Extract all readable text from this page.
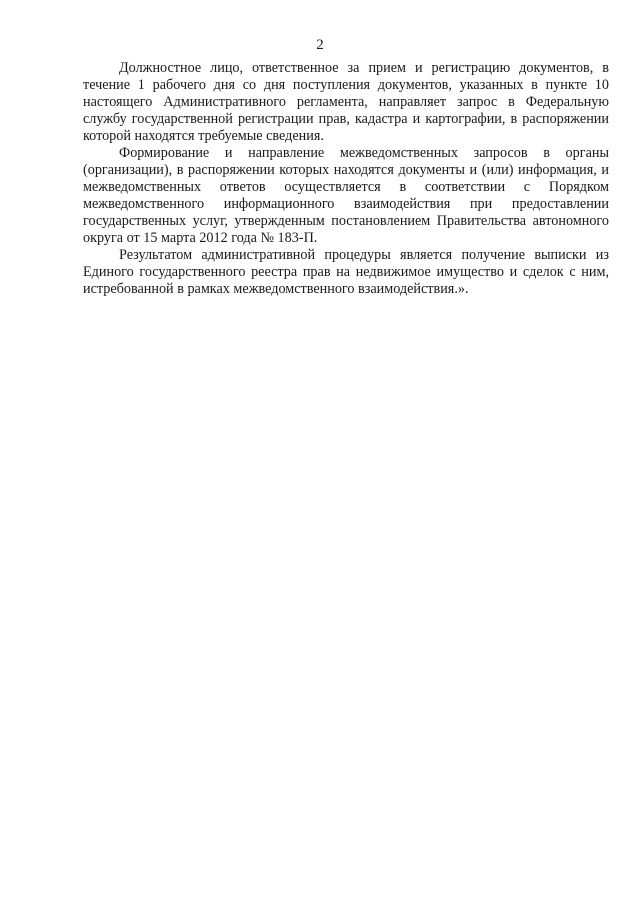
2

Должностное лицо, ответственное за прием и регистрацию документов, в течение 1 рабочего дня со дня поступления документов, указанных в пункте 10 настоящего Административного регламента, направляет запрос в Федеральную службу государственной регистрации прав, кадастра и картографии, в распоряжении которой находятся требуемые сведения.

Формирование и направление межведомственных запросов в органы (организации), в распоряжении которых находятся документы и (или) информация, и межведомственных ответов осуществляется в соответствии с Порядком межведомственного информационного взаимодействия при предоставлении государственных услуг, утвержденным постановлением Правительства автономного округа от 15 марта 2012 года № 183-П.

Результатом административной процедуры является получение выписки из Единого государственного реестра прав на недвижимое имущество и сделок с ним, истребованной в рамках межведомственного взаимодействия.».
